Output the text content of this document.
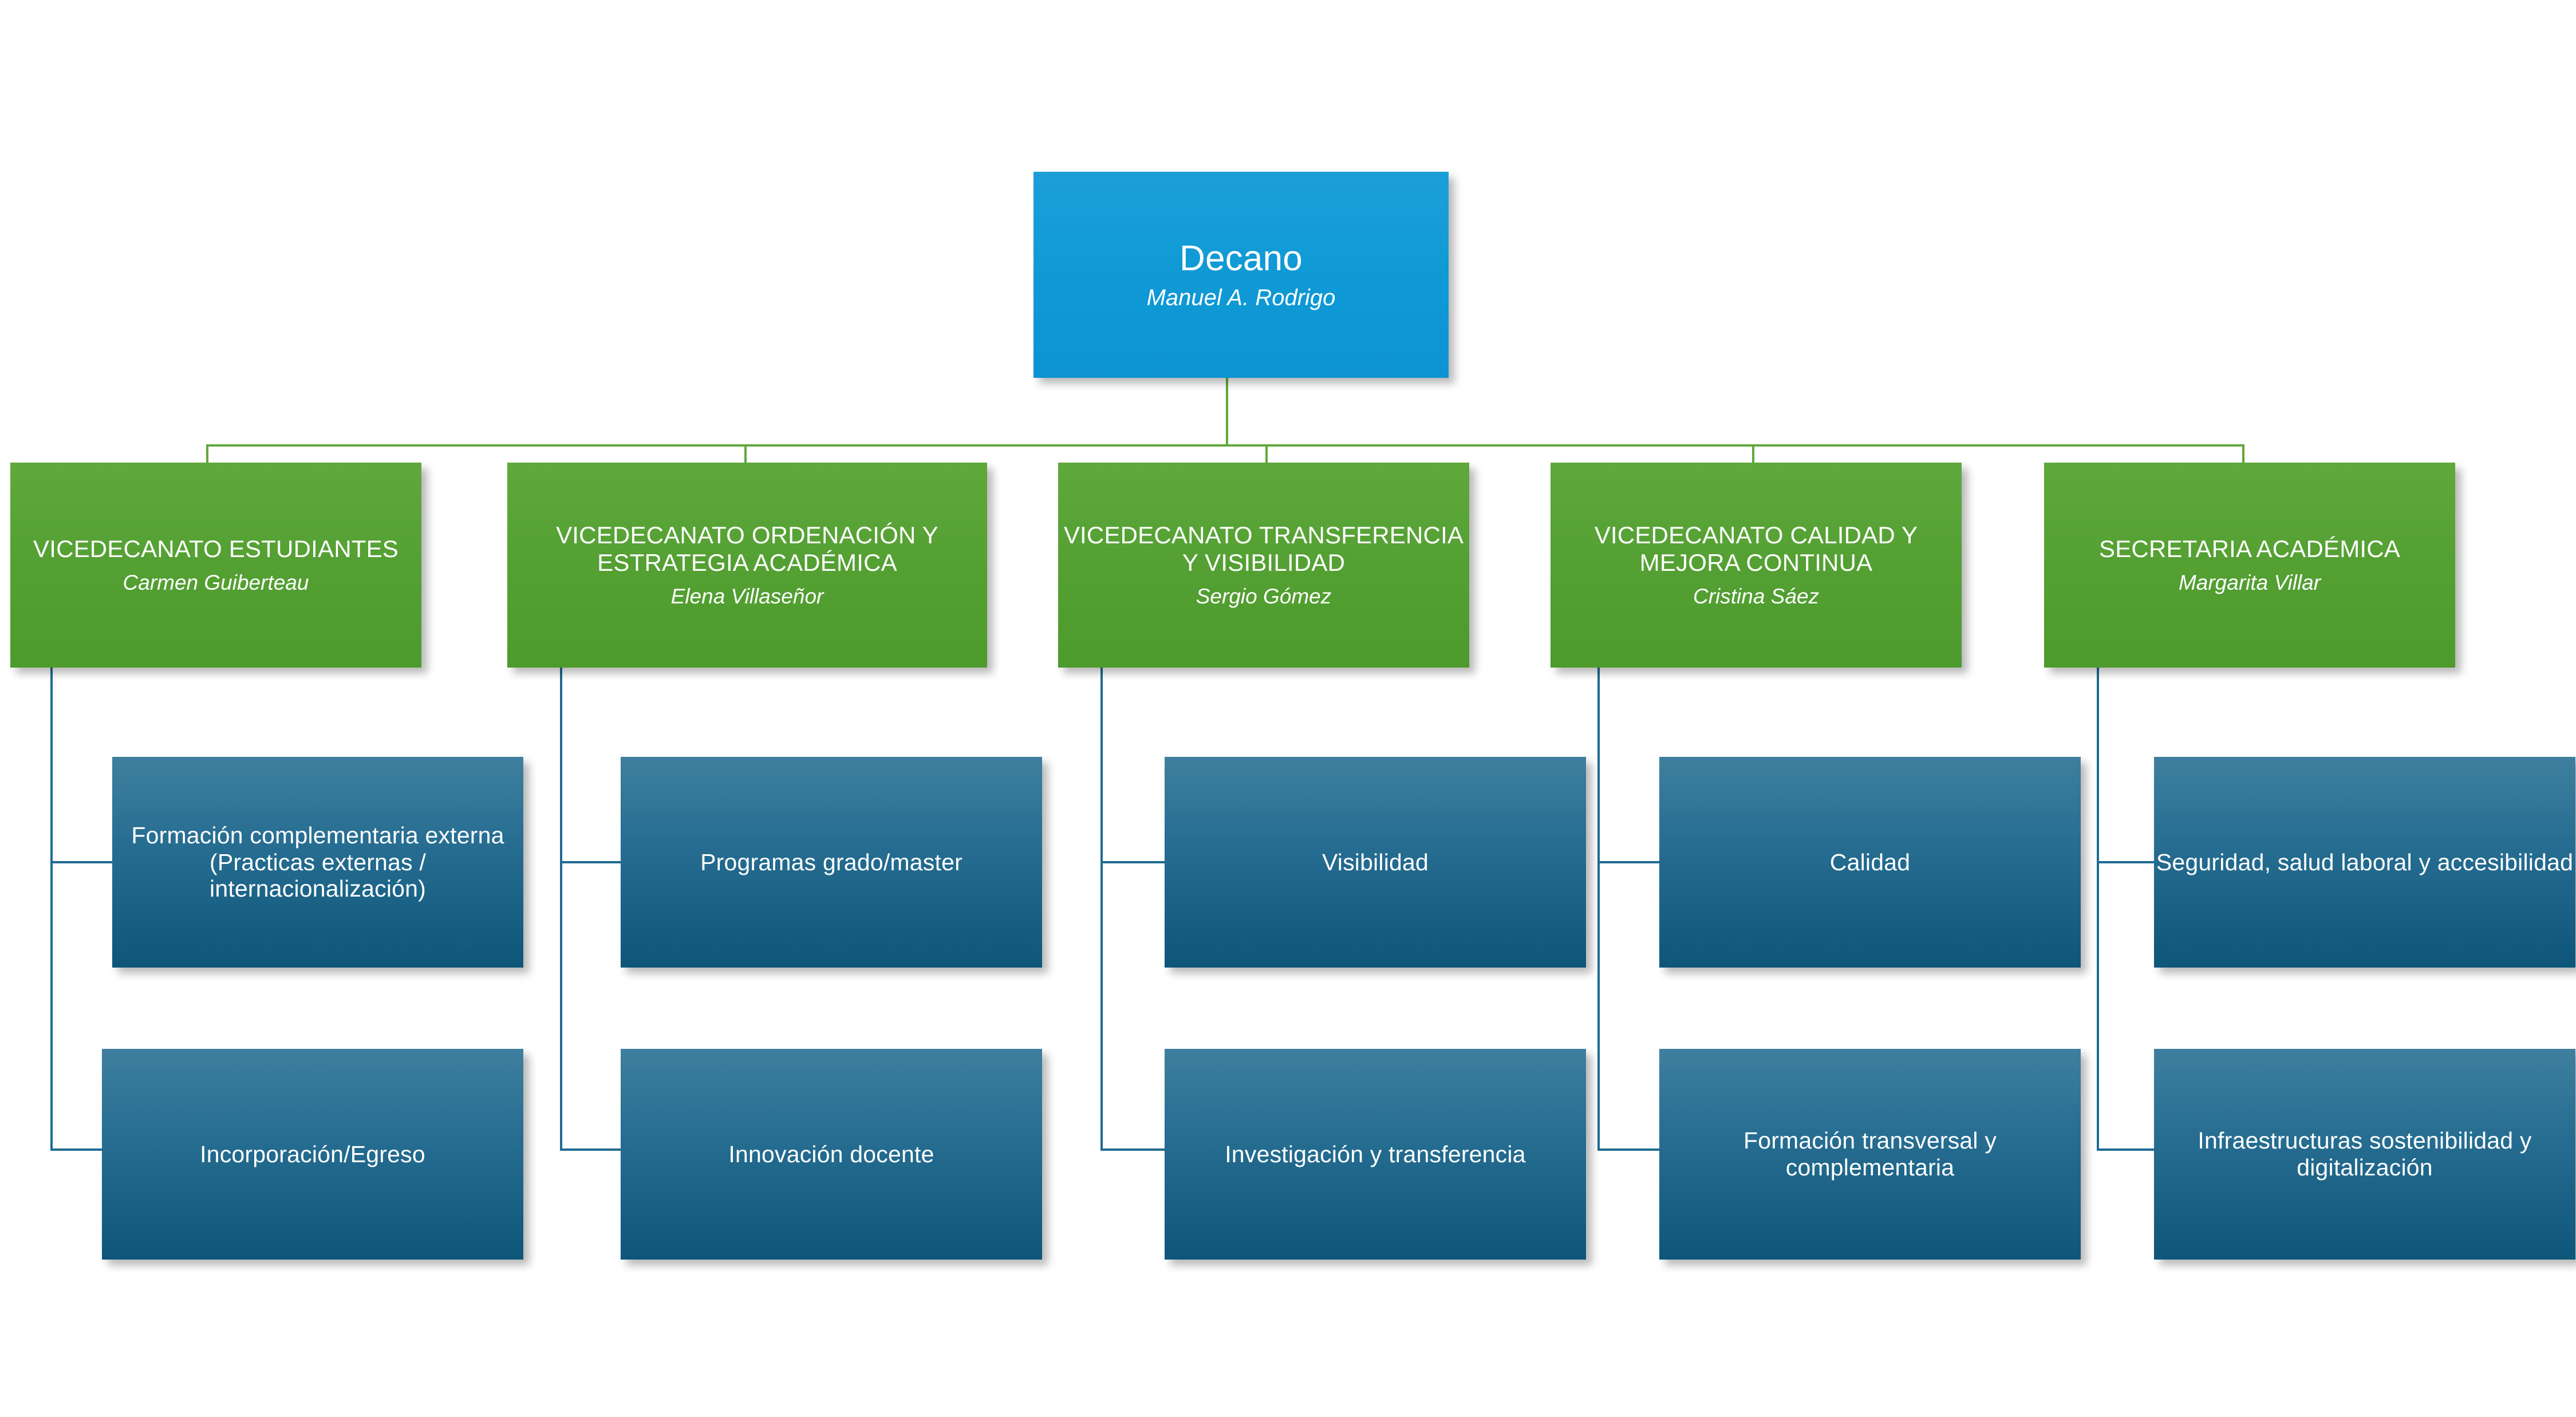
Decano
Manuel A. Rodrigo
VICEDECANATO ESTUDIANTES
Carmen Guiberteau
VICEDECANATO ORDENACIÓN Y ESTRATEGIA ACADÉMICA
Elena Villaseñor
VICEDECANATO TRANSFERENCIA Y VISIBILIDAD
Sergio Gómez
VICEDECANATO CALIDAD Y MEJORA CONTINUA
Cristina Sáez
SECRETARIA ACADÉMICA
Margarita Villar
Formación complementaria externa (Practicas externas / internacionalización)
Incorporación/Egreso
Programas grado/master
Innovación docente
Visibilidad
Investigación y transferencia
Calidad
Formación transversal y complementaria
Seguridad, salud laboral y accesibilidad
Infraestructuras sostenibilidad y digitalización
